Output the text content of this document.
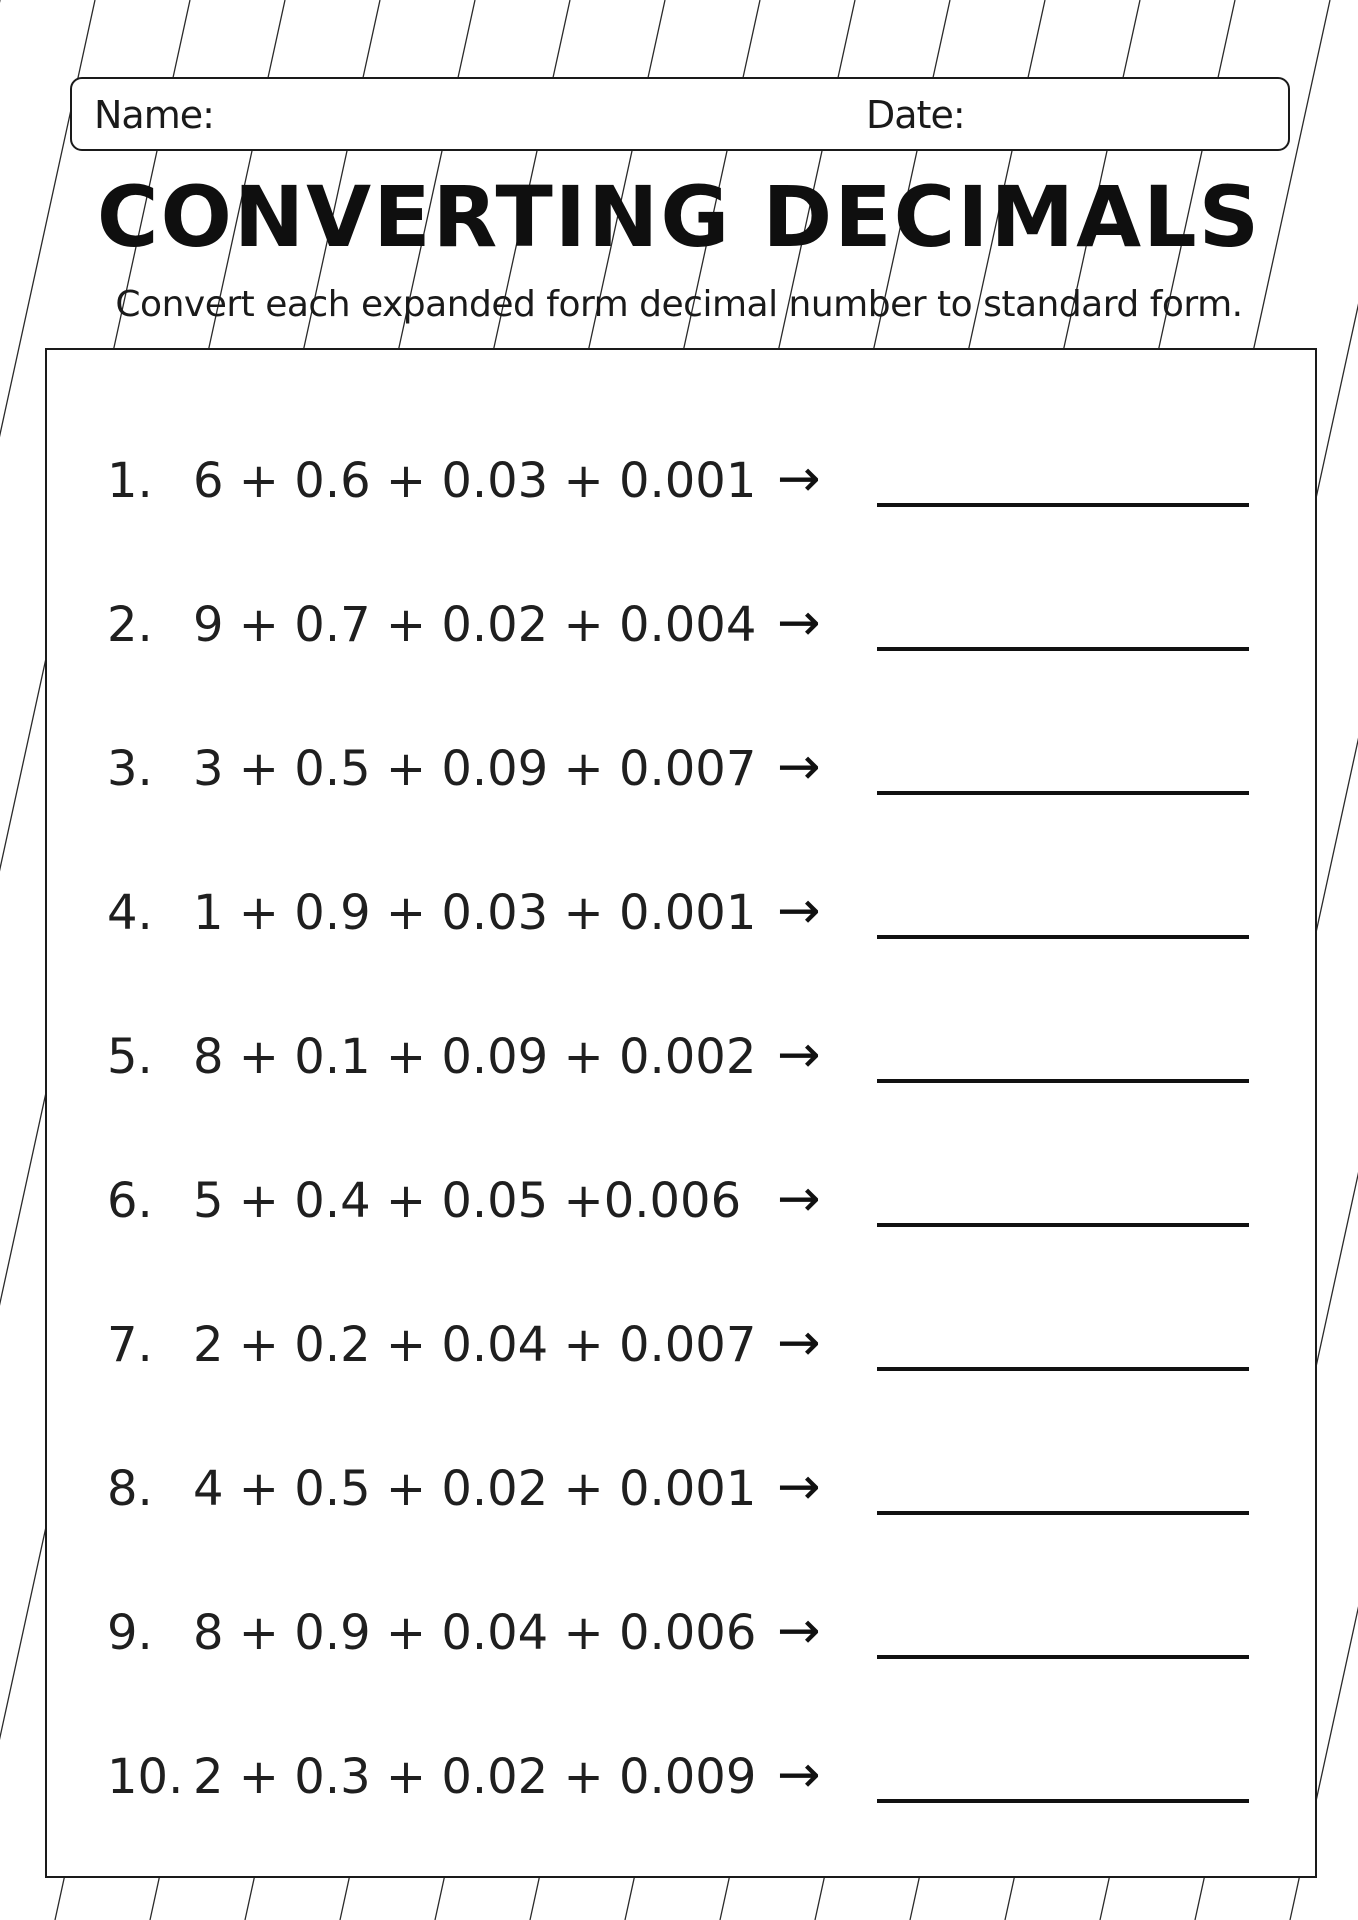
Name:	Date:
CONVERTING DECIMALS

Convert each expanded form decimal number to standard form.

1. 6 + 0.6 + 0.03 + 0.001 →
2. 9 + 0.7 + 0.02 + 0.004 →
3. 3 + 0.5 + 0.09 + 0.007 →
4. 1 + 0.9 + 0.03 + 0.001 →
5. 8 + 0.1 + 0.09 + 0.002 →
6. 5 + 0.4 + 0.05 +0.006 →
7. 2 + 0.2 + 0.04 + 0.007 →
8. 4 + 0.5 + 0.02 + 0.001 →
9. 8 + 0.9 + 0.04 + 0.006 →
10. 2 + 0.3 + 0.02 + 0.009 →
